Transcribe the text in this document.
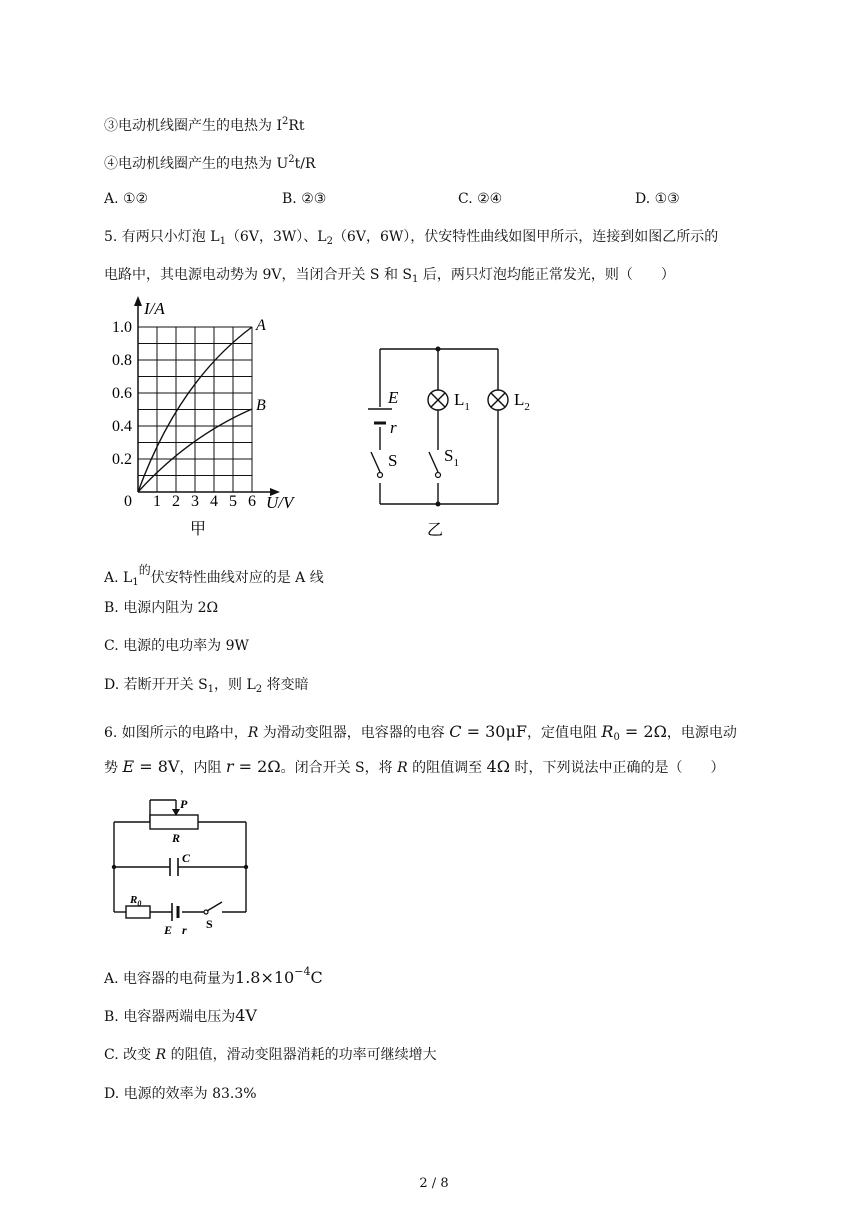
③电动机线圈产生的电热为 $I^2Rt$
④电动机线圈产生的电热为 $U^2t/R$
A. ①②	B. ②③	C. ②④	D. ①③
5. 有两只小灯泡 $L_1(6V$，3W）、$L_2(6V$，6W），伏安特性曲线如图甲所示，连接到如图乙所示的
电路中，其电源电动势为 9V，当闭合开关 S 和 $S_1$ 后，两只灯泡均能正常发光，则（　　）
I/A
A
B
1.0
0.8
0.6
0.4
0.2
0 1 2 3 4 5 6 U/V
甲
E
r
S	$S_1$
$L_1$	$L_2$
乙
A. $L_1$的伏安特性曲线对应的是 A 线
B. 电源内阻为 2Ω
C. 电源的电功率为 9W
D. 若断开开关 $S_1$，则 $L_2$ 将变暗
6. 如图所示的电路中，R 为滑动变阻器，电容器的电容 C = 30μF，定值电阻 $R_0 = 2\Omega$，电源电动
势 E = 8V，内阻 r = 2Ω。闭合开关 S，将 R 的阻值调至 4Ω 时，下列说法中正确的是（　　）
P
R
C
$R_0$
E r S
A. 电容器的电荷量为$1.8\times 10^{-4}C$
B. 电容器两端电压为4V
C. 改变 R 的阻值，滑动变阻器消耗的功率可继续增大
D. 电源的效率为 83.3%
2 / 8
